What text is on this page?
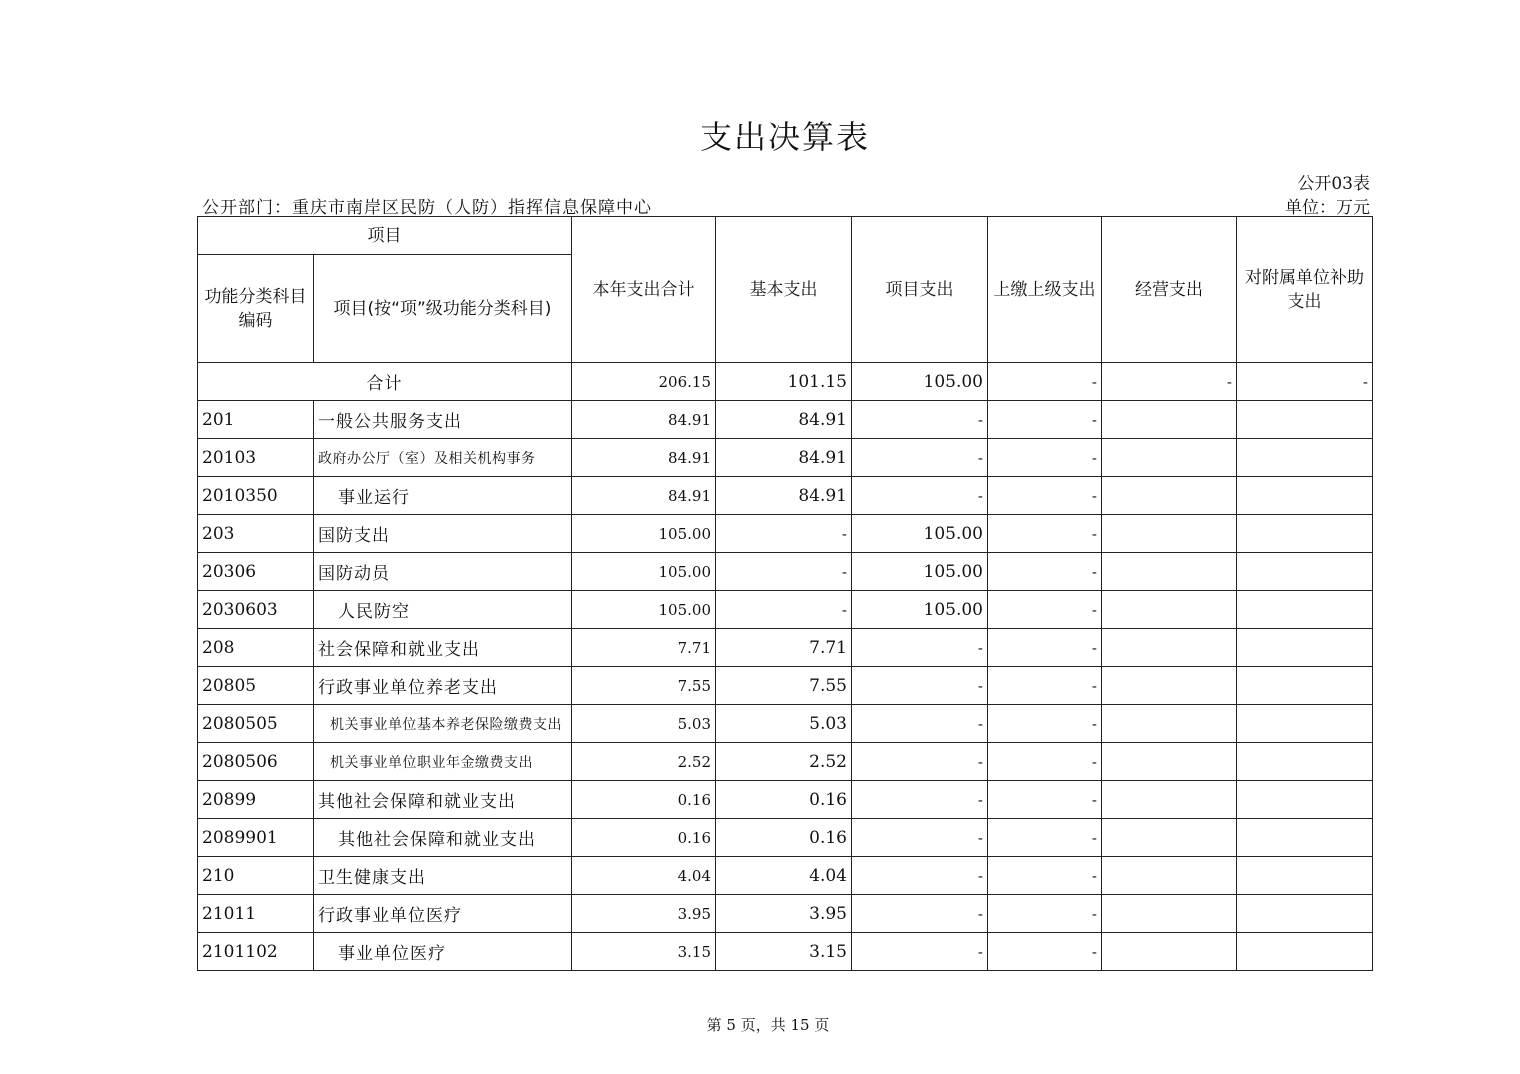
支出决算表
公开03表
公开部门：重庆市南岸区民防（人防）指挥信息保障中心	单位：万元
项目		本年支出合计	基本支出	项目支出	上缴上级支出	经营支出	对附属单位补助支出
功能分类科目编码	项目(按“项”级功能分类科目)						
合计		206.15	101.15	105.00	-	-	-
201	一般公共服务支出	84.91	84.91	-	-		
20103	政府办公厅（室）及相关机构事务	84.91	84.91	-	-		
2010350	事业运行	84.91	84.91	-	-		
203	国防支出	105.00	-	105.00	-		
20306	国防动员	105.00	-	105.00	-		
2030603	人民防空	105.00	-	105.00	-		
208	社会保障和就业支出	7.71	7.71	-	-		
20805	行政事业单位养老支出	7.55	7.55	-	-		
2080505	机关事业单位基本养老保险缴费支出	5.03	5.03	-	-		
2080506	机关事业单位职业年金缴费支出	2.52	2.52	-	-		
20899	其他社会保障和就业支出	0.16	0.16	-	-		
2089901	其他社会保障和就业支出	0.16	0.16	-	-		
210	卫生健康支出	4.04	4.04	-	-		
21011	行政事业单位医疗	3.95	3.95	-	-		
2101102	事业单位医疗	3.15	3.15	-	-		
第 5 页，共 15 页
